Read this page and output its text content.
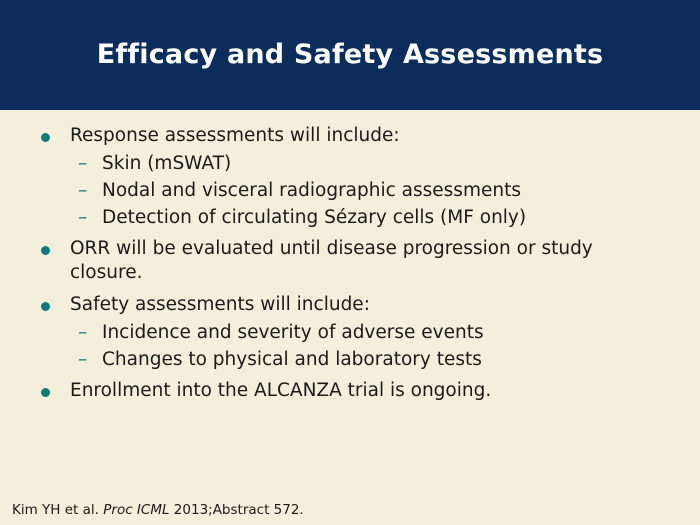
Efficacy and Safety Assessments
Response assessments will include:
– Skin (mSWAT)
– Nodal and visceral radiographic assessments
– Detection of circulating Sézary cells (MF only)
ORR will be evaluated until disease progression or study closure.
Safety assessments will include:
– Incidence and severity of adverse events
– Changes to physical and laboratory tests
Enrollment into the ALCANZA trial is ongoing.
Kim YH et al. Proc ICML 2013;Abstract 572.
